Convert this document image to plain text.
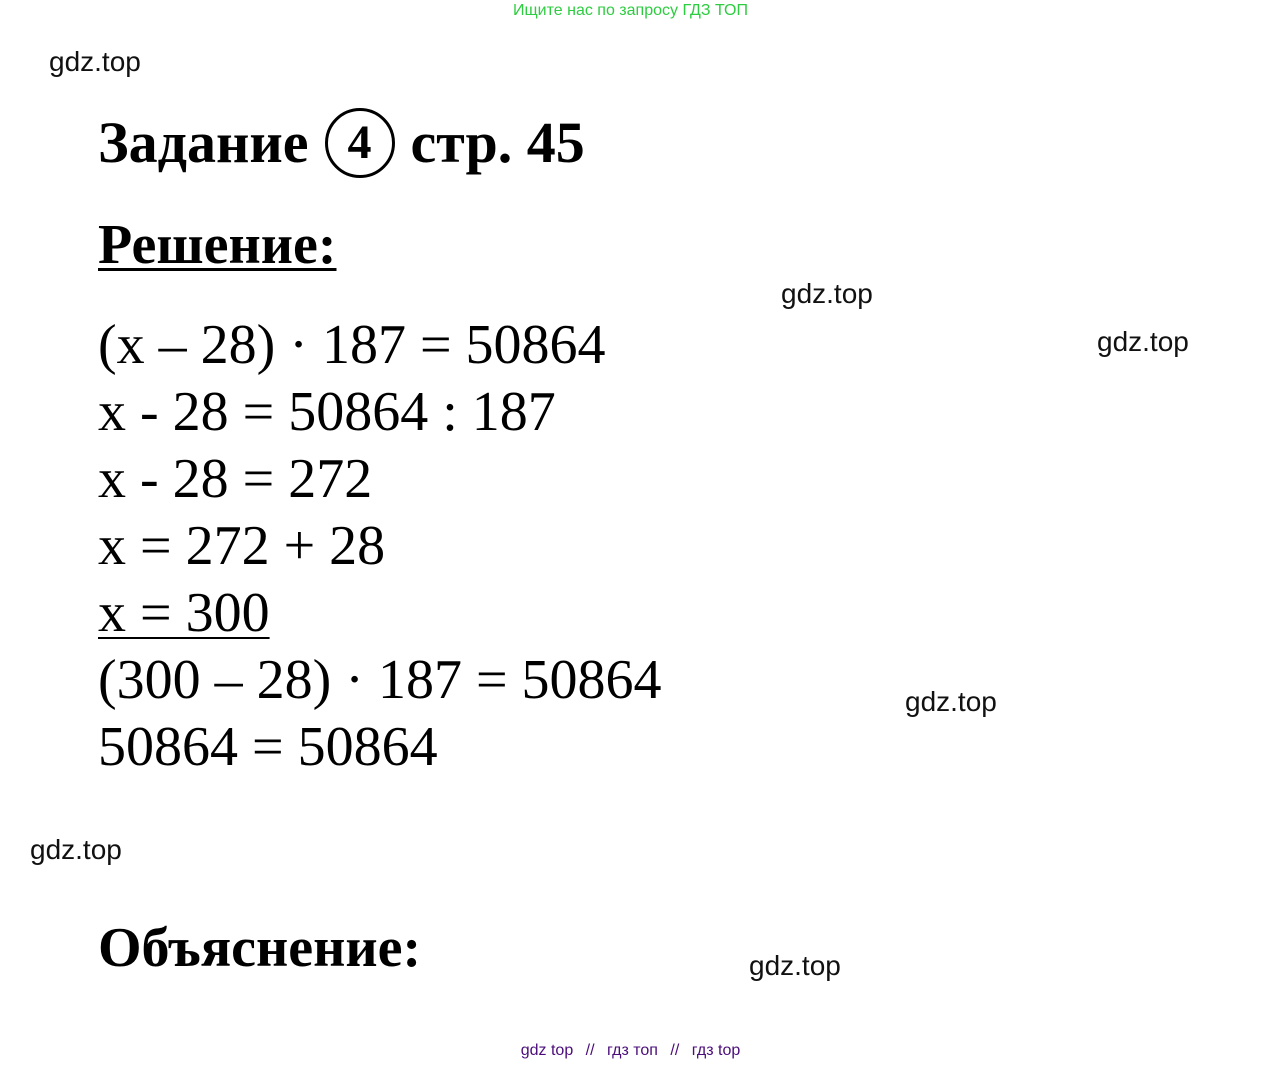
Ищите нас по запросу ГДЗ ТОП
gdz.top
gdz.top
gdz.top
gdz.top
gdz.top
gdz.top
Задание 4 стр. 45
Решение:
(x – 28) · 187 = 50864
x - 28 = 50864 : 187
x - 28 = 272
x = 272 + 28
x = 300
(300 – 28) · 187 = 50864
50864 = 50864
Объяснение:
gdz top // гдз топ // гдз top
